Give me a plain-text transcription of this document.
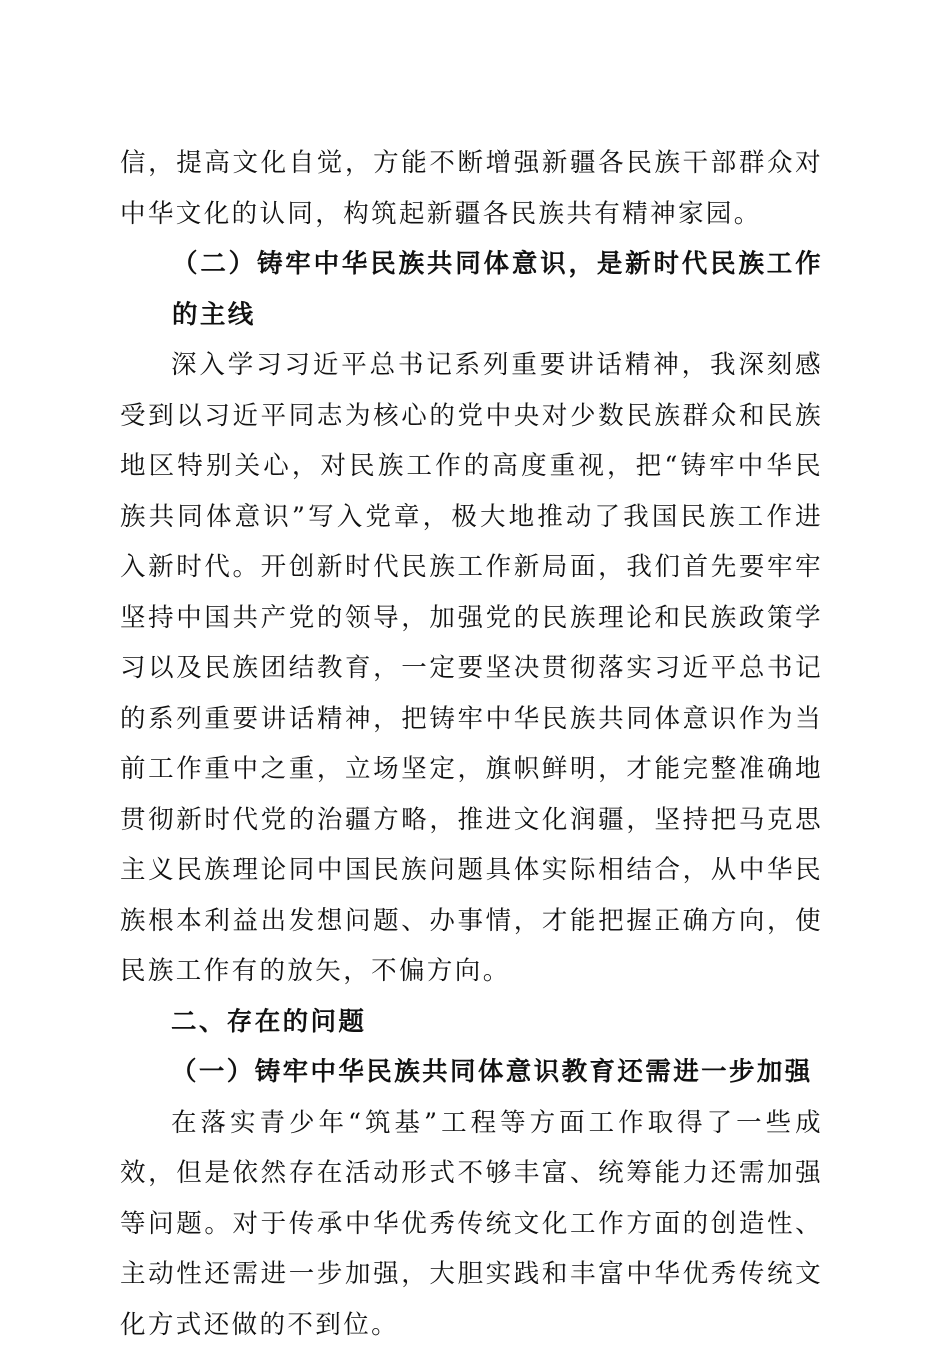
信，提高文化自觉，方能不断增强新疆各民族干部群众对中华文化的认同，构筑起新疆各民族共有精神家园。

（二）铸牢中华民族共同体意识，是新时代民族工作的主线

深入学习习近平总书记系列重要讲话精神，我深刻感受到以习近平同志为核心的党中央对少数民族群众和民族地区特别关心，对民族工作的高度重视，把“铸牢中华民族共同体意识”写入党章，极大地推动了我国民族工作进入新时代。开创新时代民族工作新局面，我们首先要牢牢坚持中国共产党的领导，加强党的民族理论和民族政策学习以及民族团结教育，一定要坚决贯彻落实习近平总书记的系列重要讲话精神，把铸牢中华民族共同体意识作为当前工作重中之重，立场坚定，旗帜鲜明，才能完整准确地贯彻新时代党的治疆方略，推进文化润疆，坚持把马克思主义民族理论同中国民族问题具体实际相结合，从中华民族根本利益出发想问题、办事情，才能把握正确方向，使民族工作有的放矢，不偏方向。

二、存在的问题

（一）铸牢中华民族共同体意识教育还需进一步加强

在落实青少年“筑基”工程等方面工作取得了一些成效，但是依然存在活动形式不够丰富、统筹能力还需加强等问题。对于传承中华优秀传统文化工作方面的创造性、主动性还需进一步加强，大胆实践和丰富中华优秀传统文化方式还做的不到位。
